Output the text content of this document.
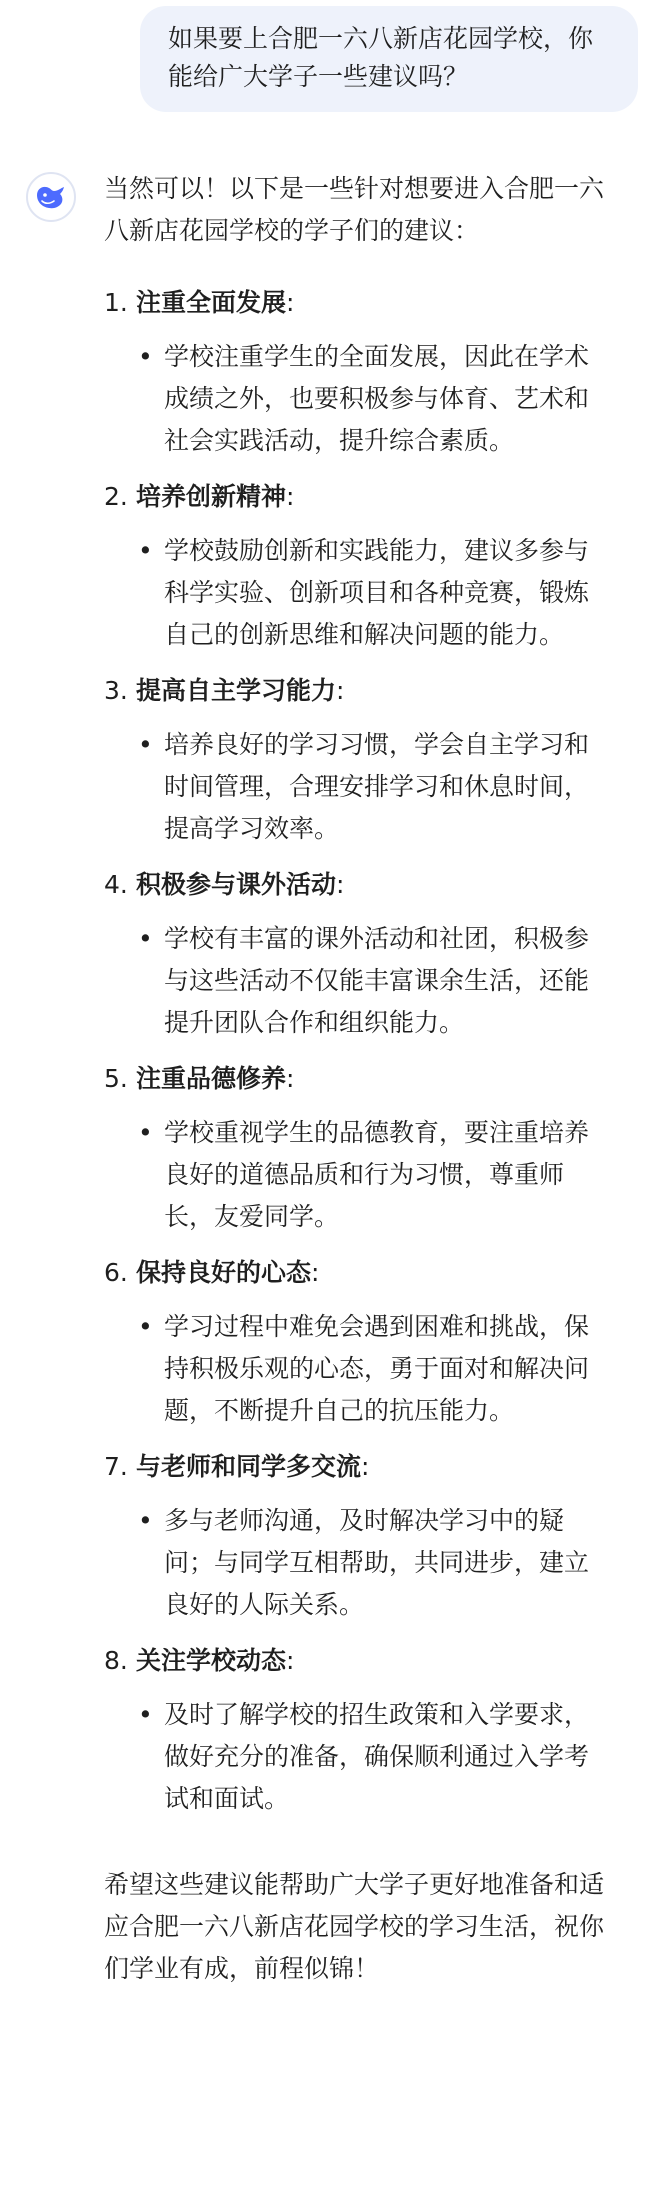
如果要上合肥一六八新店花园学校，你能给广大学子一些建议吗？
当然可以！以下是一些针对想要进入合肥一六八新店花园学校的学子们的建议：
1. 注重全面发展 :
• 学校注重学生的全面发展，因此在学术成绩之外，也要积极参与体育、艺术和社会实践活动，提升综合素质。
2. 培养创新精神 :
• 学校鼓励创新和实践能力，建议多参与科学实验、创新项目和各种竞赛，锻炼自己的创新思维和解决问题的能力。
3. 提高自主学习能力 :
• 培养良好的学习习惯，学会自主学习和时间管理，合理安排学习和休息时间，提高学习效率。
4. 积极参与课外活动 :
• 学校有丰富的课外活动和社团，积极参与这些活动不仅能丰富课余生活，还能提升团队合作和组织能力。
5. 注重品德修养 :
• 学校重视学生的品德教育，要注重培养良好的道德品质和行为习惯，尊重师长，友爱同学。
6. 保持良好的心态 :
• 学习过程中难免会遇到困难和挑战，保持积极乐观的心态，勇于面对和解决问题，不断提升自己的抗压能力。
7. 与老师和同学多交流 :
• 多与老师沟通，及时解决学习中的疑问；与同学互相帮助，共同进步，建立良好的人际关系。
8. 关注学校动态 :
• 及时了解学校的招生政策和入学要求，做好充分的准备，确保顺利通过入学考试和面试。
希望这些建议能帮助广大学子更好地准备和适应合肥一六八新店花园学校的学习生活，祝你们学业有成，前程似锦！
